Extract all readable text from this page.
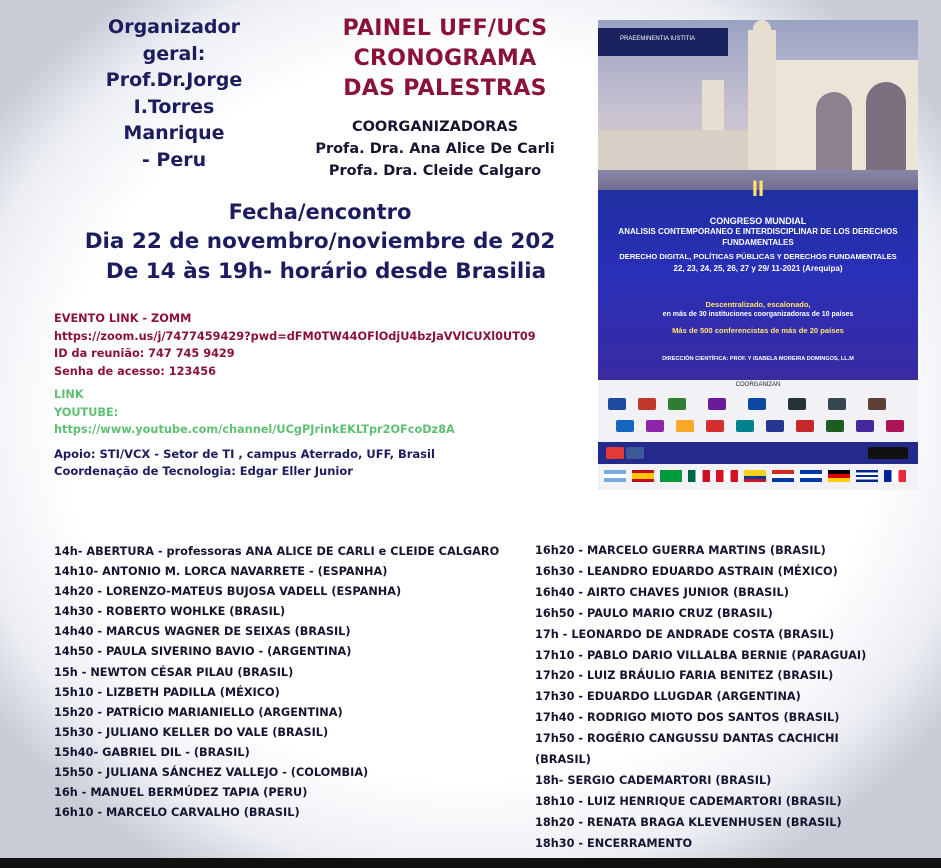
Organizador
geral:
Prof.Dr.Jorge
I.Torres
Manrique
- Peru
PAINEL UFF/UCS
CRONOGRAMA
DAS PALESTRAS
COORGANIZADORAS
Profa. Dra. Ana Alice De Carli
Profa. Dra. Cleide Calgaro
Fecha/encontro
Dia 22 de novembro/noviembre de 202
De 14 às 19h- horário desde Brasilia
EVENTO LINK - ZOMM
https://zoom.us/j/7477459429?pwd=dFM0TW44OFlOdjU4bzJaVVlCUXl0UT09
ID da reunião: 747 745 9429
Senha de acesso: 123456
LINK
YOUTUBE:
https://www.youtube.com/channel/UCgPJrinkEKLTpr2OFcoDz8A
Apoio: STI/VCX - Setor de TI , campus Aterrado, UFF, Brasil
Coordenação de Tecnologia: Edgar Eller Junior
PRAEEMINENTIA IUSTITIA
II
CONGRESO MUNDIAL
ANALISIS CONTEMPORANEO E INTERDISCIPLINAR DE LOS DERECHOS
FUNDAMENTALES
DERECHO DIGITAL, POLÍTICAS PÚBLICAS Y DERECHOS FUNDAMENTALES
22, 23, 24, 25, 26, 27 y 29/ 11-2021 (Arequipa)
Descentralizado, escalonado,
en más de 30 instituciones coorganizadoras de 10 países
Más de 500 conferencistas de más de 20 países
DIRECCIÓN CIENTÍFICA: PROF. Y ISABELA MOREIRA DOMINGOS, LL.M
COORGANIZAN
14h- ABERTURA - professoras ANA ALICE DE CARLI e CLEIDE CALGARO
14h10- ANTONIO M. LORCA NAVARRETE - (ESPANHA)
14h20 - LORENZO-MATEUS BUJOSA VADELL (ESPANHA)
14h30 - ROBERTO WOHLKE (BRASIL)
14h40 - MARCUS WAGNER DE SEIXAS (BRASIL)
14h50 - PAULA SIVERINO BAVIO - (ARGENTINA)
15h - NEWTON CÉSAR PILAU (BRASIL)
15h10 - LIZBETH PADILLA (MÉXICO)
15h20 - PATRÍCIO MARIANIELLO (ARGENTINA)
15h30 - JULIANO KELLER DO VALE (BRASIL)
15h40- GABRIEL DIL - (BRASIL)
15h50 - JULIANA SÁNCHEZ VALLEJO - (COLOMBIA)
16h - MANUEL BERMÚDEZ TAPIA (PERU)
16h10 - MARCELO CARVALHO (BRASIL)
16h20 - MARCELO GUERRA MARTINS (BRASIL)
16h30 - LEANDRO EDUARDO ASTRAIN (MÉXICO)
16h40 - AIRTO CHAVES JUNIOR (BRASIL)
16h50 - PAULO MARIO CRUZ (BRASIL)
17h - LEONARDO DE ANDRADE COSTA (BRASIL)
17h10 - PABLO DARIO VILLALBA BERNIE (PARAGUAI)
17h20 - LUIZ BRÁULIO FARIA BENITEZ (BRASIL)
17h30 - EDUARDO LLUGDAR (ARGENTINA)
17h40 - RODRIGO MIOTO DOS SANTOS (BRASIL)
17h50 - ROGÉRIO CANGUSSU DANTAS CACHICHI
(BRASIL)
18h- SERGIO CADEMARTORI (BRASIL)
18h10 - LUIZ HENRIQUE CADEMARTORI (BRASIL)
18h20 - RENATA BRAGA KLEVENHUSEN (BRASIL)
18h30 - ENCERRAMENTO
